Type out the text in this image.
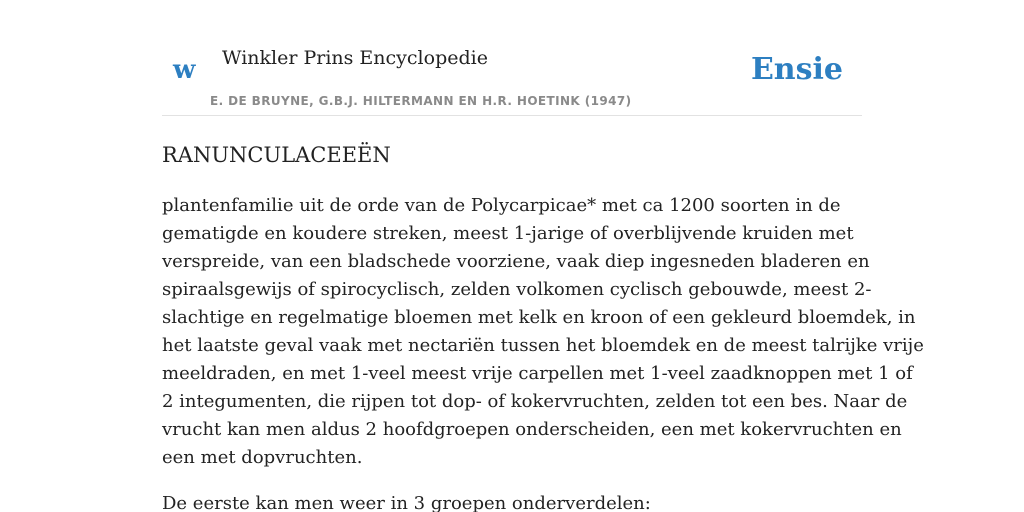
w Winkler Prins Encyclopedie	Ensie
E. DE BRUYNE, G.B.J. HILTERMANN EN H.R. HOETINK (1947)
RANUNCULACEEËN
plantenfamilie uit de orde van de Polycarpicae* met ca 1200 soorten in de
gematigde en koudere streken, meest 1-jarige of overblijvende kruiden met
verspreide, van een bladschede voorziene, vaak diep ingesneden bladeren en
spiraalsgewijs of spirocyclisch, zelden volkomen cyclisch gebouwde, meest 2-
slachtige en regelmatige bloemen met kelk en kroon of een gekleurd bloemdek, in
het laatste geval vaak met nectariën tussen het bloemdek en de meest talrijke vrije
meeldraden, en met 1-veel meest vrije carpellen met 1-veel zaadknoppen met 1 of
2 integumenten, die rijpen tot dop- of kokervruchten, zelden tot een bes. Naar de
vrucht kan men aldus 2 hoofdgroepen onderscheiden, een met kokervruchten en
een met dopvruchten.
De eerste kan men weer in 3 groepen onderverdelen:
